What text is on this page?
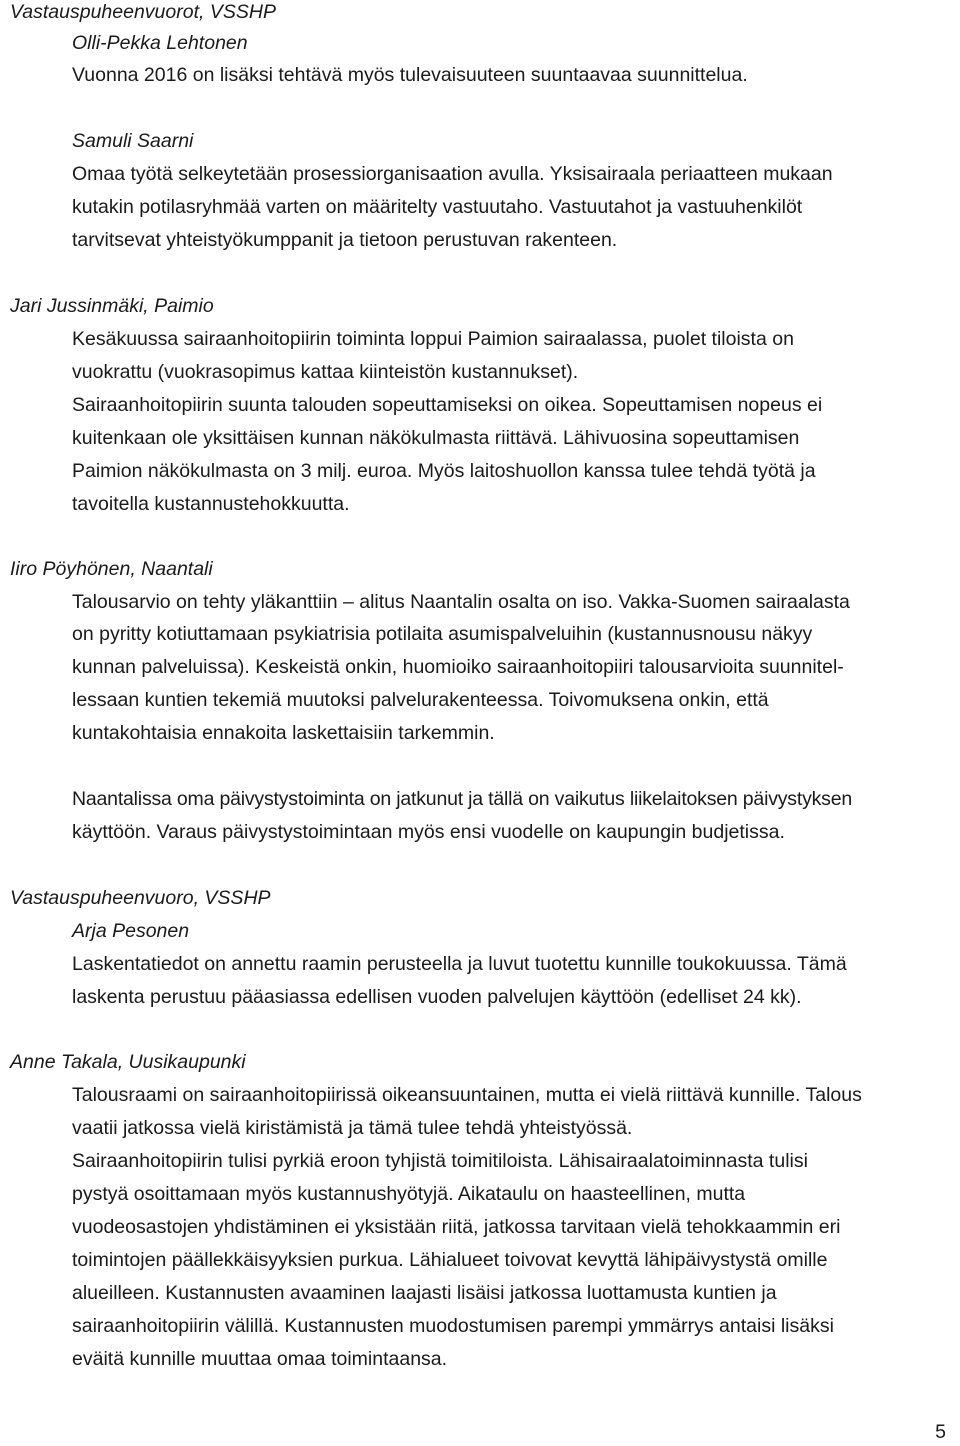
Vastauspuheenvuorot, VSSHP
Olli-Pekka Lehtonen
Vuonna 2016 on lisäksi tehtävä myös tulevaisuuteen suuntaavaa suunnittelua.
Samuli Saarni
Omaa työtä selkeytetään prosessiorganisaation avulla. Yksisairaala periaatteen mukaan
kutakin potilasryhmää varten on määritelty vastuutaho. Vastuutahot ja vastuuhenkilöt
tarvitsevat yhteistyökumppanit ja tietoon perustuvan rakenteen.
Jari Jussinmäki, Paimio
Kesäkuussa sairaanhoitopiirin toiminta loppui Paimion sairaalassa, puolet tiloista on
vuokrattu (vuokrasopimus kattaa kiinteistön kustannukset).
Sairaanhoitopiirin suunta talouden sopeuttamiseksi on oikea. Sopeuttamisen nopeus ei
kuitenkaan ole yksittäisen kunnan näkökulmasta riittävä. Lähivuosina sopeuttamisen
Paimion näkökulmasta on 3 milj. euroa. Myös laitoshuollon kanssa tulee tehdä työtä ja
tavoitella kustannustehokkuutta.
Iiro Pöyhönen, Naantali
Talousarvio on tehty yläkanttiin – alitus Naantalin osalta on iso. Vakka-Suomen sairaalasta
on pyritty kotiuttamaan psykiatrisia potilaita asumispalveluihin (kustannusnousu näkyy
kunnan palveluissa). Keskeistä onkin, huomioiko sairaanhoitopiiri talousarvioita suunnitel-
lessaan kuntien tekemiä muutoksi palvelurakenteessa. Toivomuksena onkin, että
kuntakohtaisia ennakoita laskettaisiin tarkemmin.
Naantalissa oma päivystystoiminta on jatkunut ja tällä on vaikutus liikelaitoksen päivystyksen
käyttöön. Varaus päivystystoimintaan myös ensi vuodelle on kaupungin budjetissa.
Vastauspuheenvuoro, VSSHP
Arja Pesonen
Laskentatiedot on annettu raamin perusteella ja luvut tuotettu kunnille toukokuussa. Tämä
laskenta perustuu pääasiassa edellisen vuoden palvelujen käyttöön (edelliset 24 kk).
Anne Takala, Uusikaupunki
Talousraami on sairaanhoitopiirissä oikeansuuntainen, mutta ei vielä riittävä kunnille. Talous
vaatii jatkossa vielä kiristämistä ja tämä tulee tehdä yhteistyössä.
Sairaanhoitopiirin tulisi pyrkiä eroon tyhjistä toimitiloista. Lähisairaalatoiminnasta tulisi
pystyä osoittamaan myös kustannushyötyjä. Aikataulu on haasteellinen, mutta
vuodeosastojen yhdistäminen ei yksistään riitä, jatkossa tarvitaan vielä tehokkaammin eri
toimintojen päällekkäisyyksien purkua. Lähialueet toivovat kevyttä lähipäivystystä omille
alueilleen. Kustannusten avaaminen laajasti lisäisi jatkossa luottamusta kuntien ja
sairaanhoitopiirin välillä. Kustannusten muodostumisen parempi ymmärrys antaisi lisäksi
eväitä kunnille muuttaa omaa toimintaansa.
5
